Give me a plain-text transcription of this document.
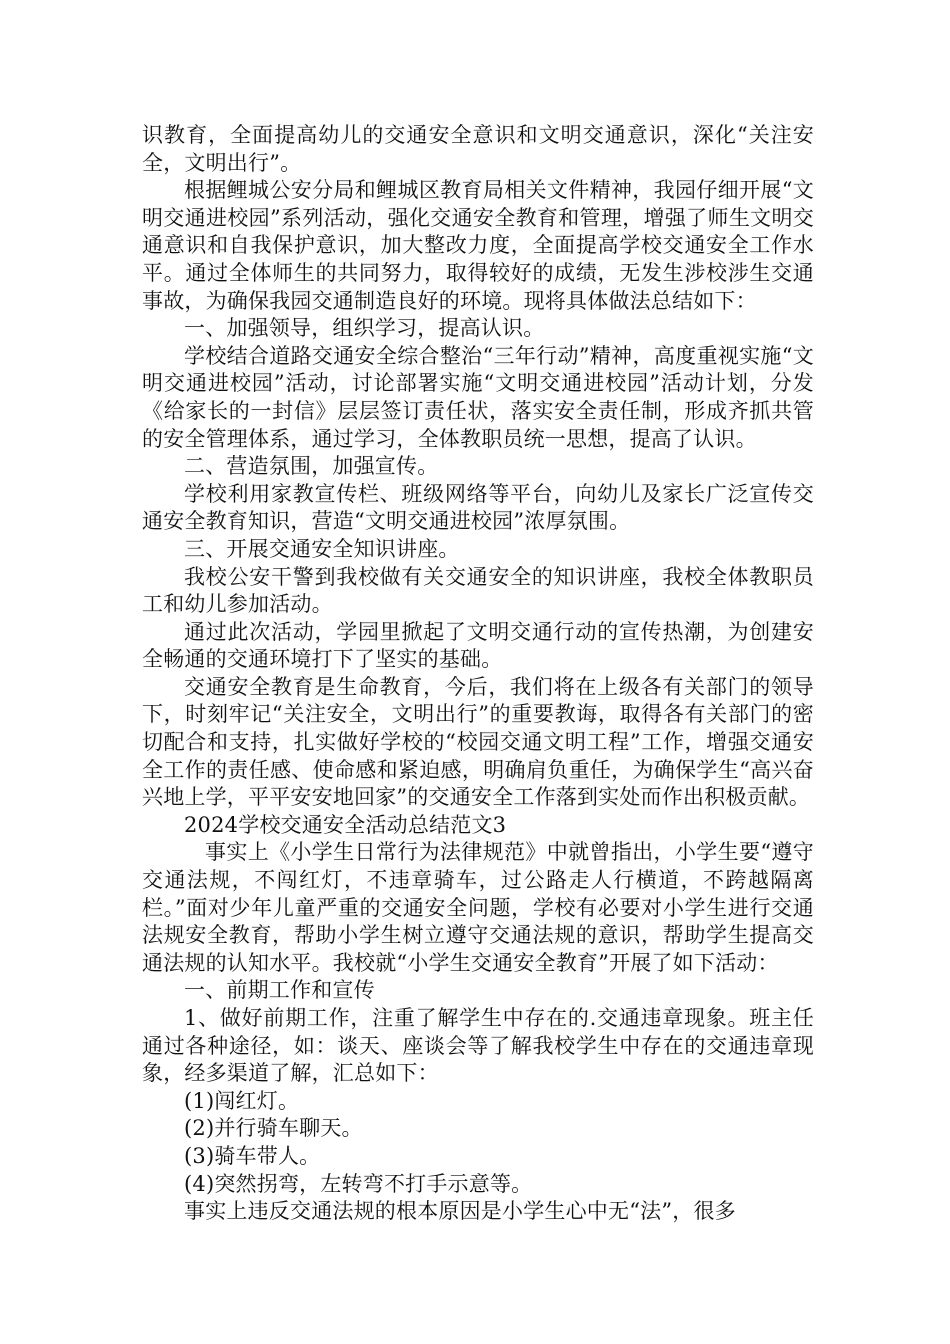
识教育，全面提高幼儿的交通安全意识和文明交通意识，深化“关注安全，文明出行”。

根据鲤城公安分局和鲤城区教育局相关文件精神，我园仔细开展“文明交通进校园”系列活动，强化交通安全教育和管理，增强了师生文明交通意识和自我保护意识，加大整改力度，全面提高学校交通安全工作水平。通过全体师生的共同努力，取得较好的成绩，无发生涉校涉生交通事故，为确保我园交通制造良好的环境。现将具体做法总结如下：

一、加强领导，组织学习，提高认识。

学校结合道路交通安全综合整治“三年行动”精神，高度重视实施“文明交通进校园”活动，讨论部署实施“文明交通进校园”活动计划，分发《给家长的一封信》层层签订责任状，落实安全责任制，形成齐抓共管的安全管理体系，通过学习，全体教职员统一思想，提高了认识。

二、营造氛围，加强宣传。

学校利用家教宣传栏、班级网络等平台，向幼儿及家长广泛宣传交通安全教育知识，营造“文明交通进校园”浓厚氛围。

三、开展交通安全知识讲座。

我校公安干警到我校做有关交通安全的知识讲座，我校全体教职员工和幼儿参加活动。

通过此次活动，学园里掀起了文明交通行动的宣传热潮，为创建安全畅通的交通环境打下了坚实的基础。

交通安全教育是生命教育，今后，我们将在上级各有关部门的领导下，时刻牢记“关注安全，文明出行”的重要教诲，取得各有关部门的密切配合和支持，扎实做好学校的“校园交通文明工程”工作，增强交通安全工作的责任感、使命感和紧迫感，明确肩负重任，为确保学生“高兴奋兴地上学，平平安安地回家”的交通安全工作落到实处而作出积极贡献。

2024学校交通安全活动总结范文3

事实上《小学生日常行为法律规范》中就曾指出，小学生要“遵守交通法规，不闯红灯，不违章骑车，过公路走人行横道，不跨越隔离栏。”面对少年儿童严重的交通安全问题，学校有必要对小学生进行交通法规安全教育，帮助小学生树立遵守交通法规的意识，帮助学生提高交通法规的认知水平。我校就“小学生交通安全教育”开展了如下活动：

一、前期工作和宣传

1、做好前期工作，注重了解学生中存在的.交通违章现象。班主任通过各种途径，如：谈天、座谈会等了解我校学生中存在的交通违章现象，经多渠道了解，汇总如下：

(1)闯红灯。

(2)并行骑车聊天。

(3)骑车带人。

(4)突然拐弯，左转弯不打手示意等。

事实上违反交通法规的根本原因是小学生心中无“法”，很多
